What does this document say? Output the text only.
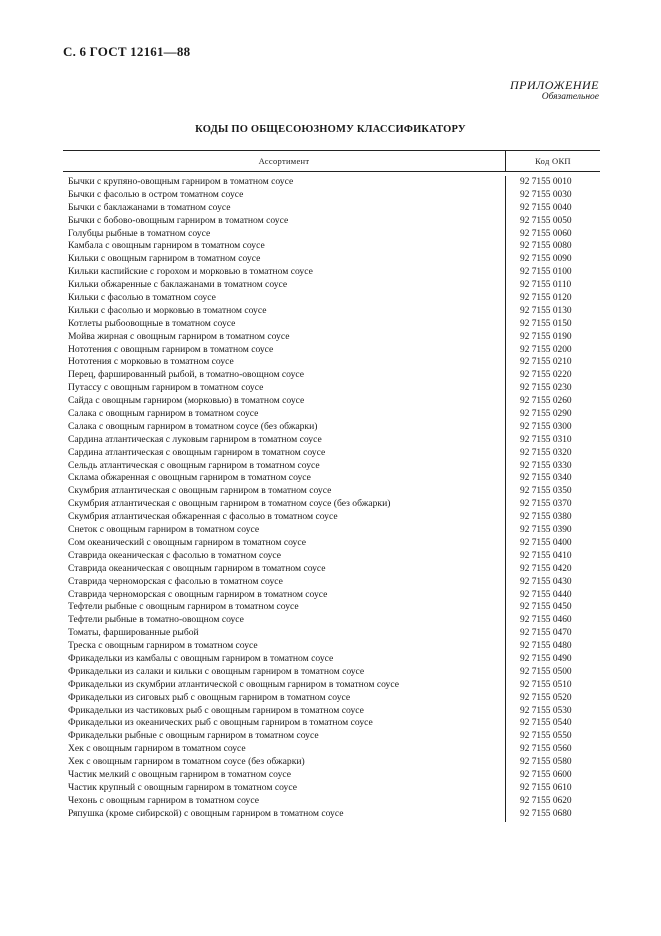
С. 6 ГОСТ 12161—88
ПРИЛОЖЕНИЕ
Обязательное
КОДЫ ПО ОБЩЕСОЮЗНОМУ КЛАССИФИКАТОРУ
Ассортимент	Код ОКП
Бычки с крупяно-овощным гарниром в томатном соусе
Бычки с фасолью в остром томатном соусе
Бычки с баклажанами в томатном соусе
Бычки с бобово-овощным гарниром в томатном соусе
Голубцы рыбные в томатном соусе
Камбала с овощным гарниром в томатном соусе
Кильки с овощным гарниром в томатном соусе
Кильки каспийские с горохом и морковью в томатном соусе
Кильки обжаренные с баклажанами в томатном соусе
Кильки с фасолью в томатном соусе
Кильки с фасолью и морковью в томатном соусе
Котлеты рыбоовощные в томатном соусе
Мойва жирная с овощным гарниром в томатном соусе
Нототения с овощным гарниром в томатном соусе
Нототения с морковью в томатном соусе
Перец, фаршированный рыбой, в томатно-овощном соусе
Путассу с овощным гарниром в томатном соусе
Сайда с овощным гарниром (морковью) в томатном соусе
Салака с овощным гарниром в томатном соусе
Салака с овощным гарниром в томатном соусе (без обжарки)
Сардина атлантическая с луковым гарниром в томатном соусе
Сардина атлантическая с овощным гарниром в томатном соусе
Сельдь атлантическая с овощным гарниром в томатном соусе
Склама обжаренная с овощным гарниром в томатном соусе
Скумбрия атлантическая с овощным гарниром в томатном соусе
Скумбрия атлантическая с овощным гарниром в томатном соусе (без обжарки)
Скумбрия атлантическая обжаренная с фасолью в томатном соусе
Снеток с овощным гарниром в томатном соусе
Сом океанический с овощным гарниром в томатном соусе
Ставрида океаническая с фасолью в томатном соусе
Ставрида океаническая с овощным гарниром в томатном соусе
Ставрида черноморская с фасолью в томатном соусе
Ставрида черноморская с овощным гарниром в томатном соусе
Тефтели рыбные с овощным гарниром в томатном соусе
Тефтели рыбные в томатно-овощном соусе
Томаты, фаршированные рыбой
Треска с овощным гарниром в томатном соусе
Фрикадельки из камбалы с овощным гарниром в томатном соусе
Фрикадельки из салаки и кильки с овощным гарниром в томатном соусе
Фрикадельки из скумбрии атлантической с овощным гарниром в томатном соусе
Фрикадельки из сиговых рыб с овощным гарниром в томатном соусе
Фрикадельки из частиковых рыб с овощным гарниром в томатном соусе
Фрикадельки из океанических рыб с овощным гарниром в томатном соусе
Фрикадельки рыбные с овощным гарниром в томатном соусе
Хек с овощным гарниром в томатном соусе
Хек с овощным гарниром в томатном соусе (без обжарки)
Частик мелкий с овощным гарниром в томатном соусе
Частик крупный с овощным гарниром в томатном соусе
Чехонь с овощным гарниром в томатном соусе
Ряпушка (кроме сибирской) с овощным гарниром в томатном соусе
92 7155 0010
92 7155 0030
92 7155 0040
92 7155 0050
92 7155 0060
92 7155 0080
92 7155 0090
92 7155 0100
92 7155 0110
92 7155 0120
92 7155 0130
92 7155 0150
92 7155 0190
92 7155 0200
92 7155 0210
92 7155 0220
92 7155 0230
92 7155 0260
92 7155 0290
92 7155 0300
92 7155 0310
92 7155 0320
92 7155 0330
92 7155 0340
92 7155 0350
92 7155 0370
92 7155 0380
92 7155 0390
92 7155 0400
92 7155 0410
92 7155 0420
92 7155 0430
92 7155 0440
92 7155 0450
92 7155 0460
92 7155 0470
92 7155 0480
92 7155 0490
92 7155 0500
92 7155 0510
92 7155 0520
92 7155 0530
92 7155 0540
92 7155 0550
92 7155 0560
92 7155 0580
92 7155 0600
92 7155 0610
92 7155 0620
92 7155 0680
